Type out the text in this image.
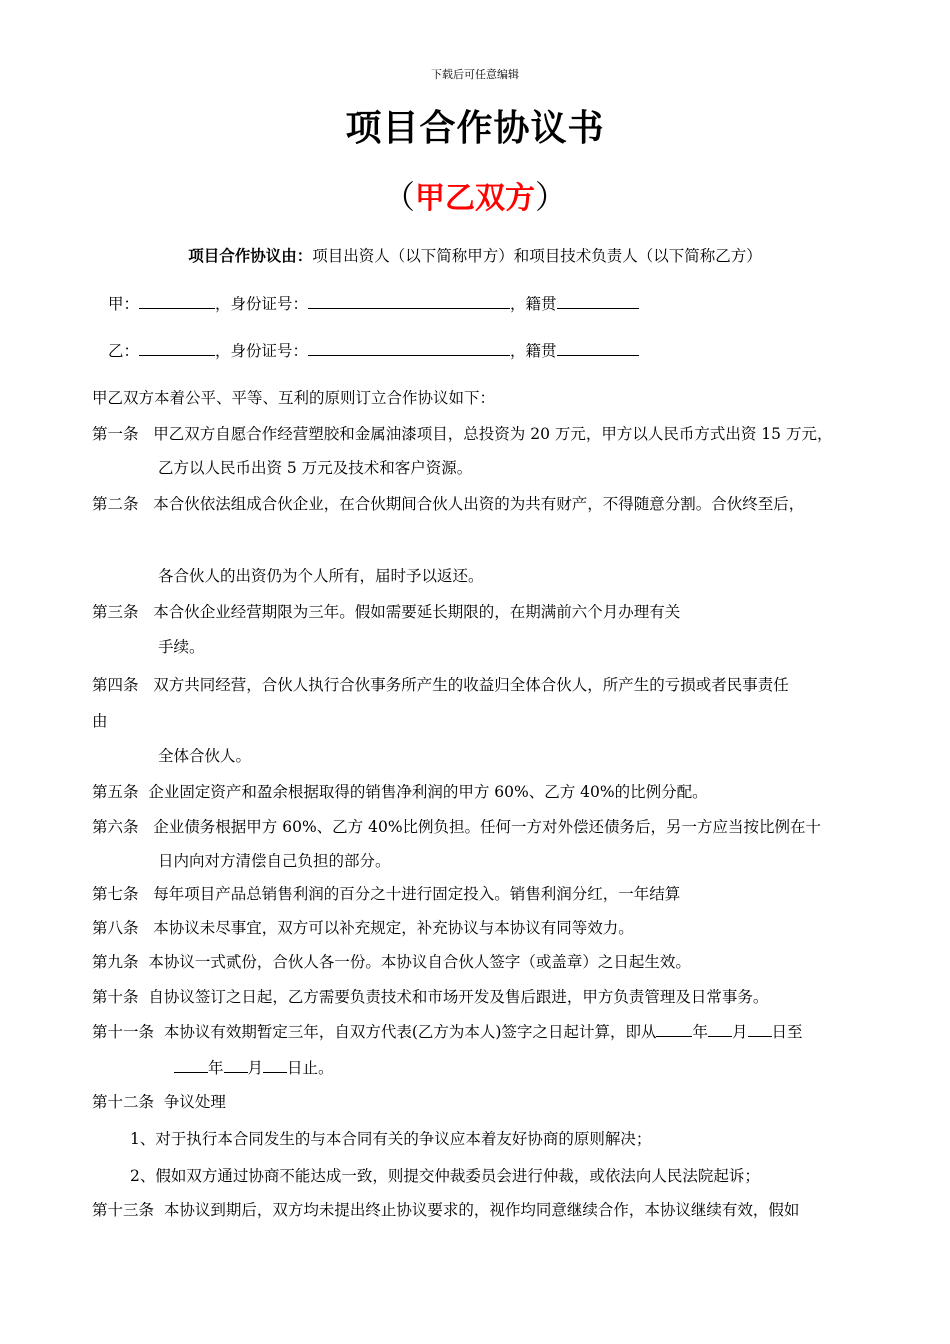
下载后可任意编辑
项目合作协议书
（甲乙双方）
项目合作协议由：项目出资人（以下简称甲方）和项目技术负责人（以下简称乙方）
甲：	，身份证号：	，籍贯
乙：	，身份证号：	，籍贯
甲乙双方本着公平、平等、互利的原则订立合作协议如下：
第一条 甲乙双方自愿合作经营塑胶和金属油漆项目，总投资为 20 万元，甲方以人民币方式出资 15 万元，
乙方以人民币出资 5 万元及技术和客户资源。
第二条 本合伙依法组成合伙企业，在合伙期间合伙人出资的为共有财产，不得随意分割。合伙终至后，
各合伙人的出资仍为个人所有，届时予以返还。
第三条 本合伙企业经营期限为三年。假如需要延长期限的，在期满前六个月办理有关
手续。
第四条 双方共同经营，合伙人执行合伙事务所产生的收益归全体合伙人，所产生的亏损或者民事责任
由
全体合伙人。
第五条 企业固定资产和盈余根据取得的销售净利润的甲方 60%、乙方 40%的比例分配。
第六条 企业债务根据甲方 60%、乙方 40%比例负担。任何一方对外偿还债务后，另一方应当按比例在十
日内向对方清偿自己负担的部分。
第七条 每年项目产品总销售利润的百分之十进行固定投入。销售利润分红，一年结算
第八条 本协议未尽事宜，双方可以补充规定，补充协议与本协议有同等效力。
第九条 本协议一式贰份，合伙人各一份。本协议自合伙人签字（或盖章）之日起生效。
第十条 自协议签订之日起，乙方需要负责技术和市场开发及售后跟进，甲方负责管理及日常事务。
第十一条 本协议有效期暂定三年，自双方代表(乙方为本人)签字之日起计算，即从 年 月 日至
年 月 日止。
第十二条 争议处理
1、对于执行本合同发生的与本合同有关的争议应本着友好协商的原则解决；
2、假如双方通过协商不能达成一致，则提交仲裁委员会进行仲裁，或依法向人民法院起诉；
第十三条 本协议到期后，双方均未提出终止协议要求的，视作均同意继续合作，本协议继续有效，假如
